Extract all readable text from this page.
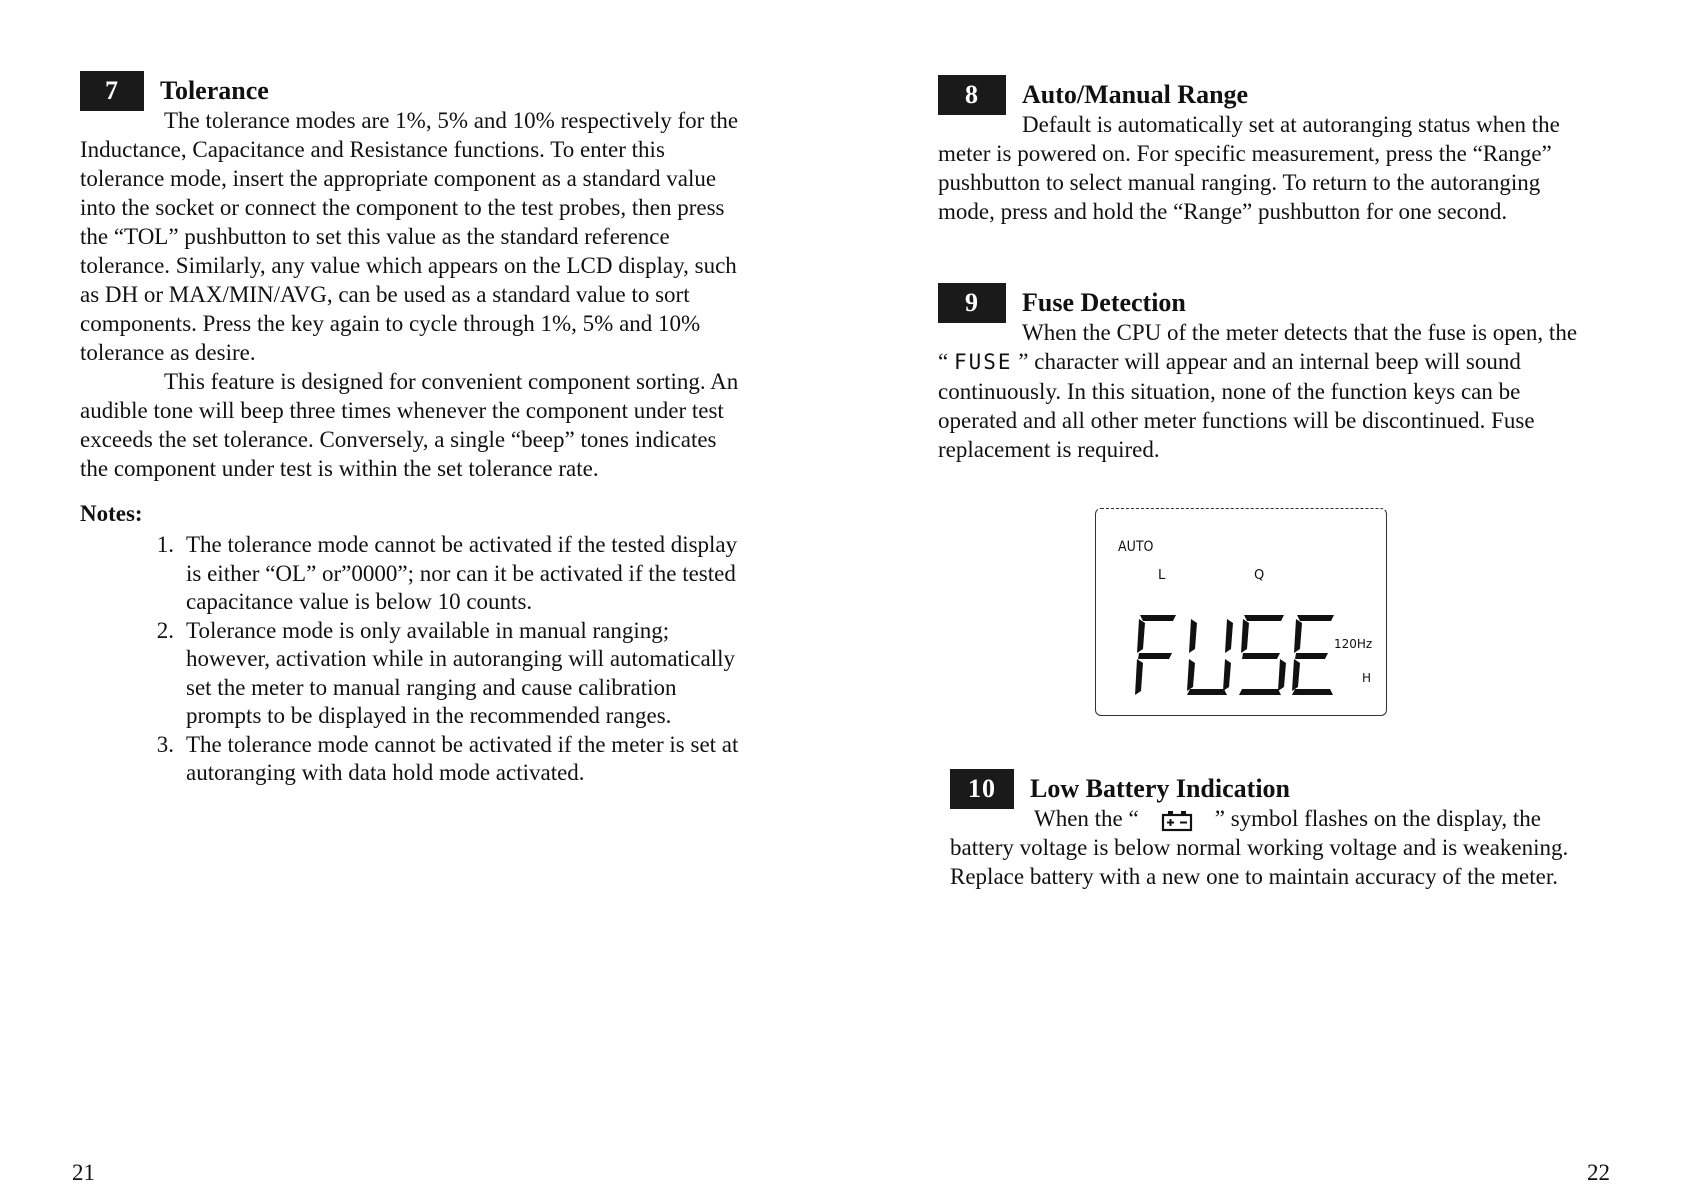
7	Tolerance

The tolerance modes are 1%, 5% and 10% respectively for the Inductance, Capacitance and Resistance functions. To enter this tolerance mode, insert the appropriate component as a standard value into the socket or connect the component to the test probes, then press the “TOL” pushbutton to set this value as the standard reference tolerance. Similarly, any value which appears on the LCD display, such as DH or MAX/MIN/AVG, can be used as a standard value to sort components. Press the key again to cycle through 1%, 5% and 10% tolerance as desire.

This feature is designed for convenient component sorting. An audible tone will beep three times whenever the component under test exceeds the set tolerance. Conversely, a single “beep” tones indicates the component under test is within the set tolerance rate.

Notes:
1. The tolerance mode cannot be activated if the tested display is either “OL” or”0000”; nor can it be activated if the tested capacitance value is below 10 counts.
2. Tolerance mode is only available in manual ranging; however, activation while in autoranging will automatically set the meter to manual ranging and cause calibration prompts to be displayed in the recommended ranges.
3. The tolerance mode cannot be activated if the meter is set at autoranging with data hold mode activated.
21
8	Auto/Manual Range

Default is automatically set at autoranging status when the meter is powered on. For specific measurement, press the “Range” pushbutton to select manual ranging. To return to the autoranging mode, press and hold the “Range” pushbutton for one second.

9	Fuse Detection

When the CPU of the meter detects that the fuse is open, the “ FUSE ” character will appear and an internal beep will sound continuously. In this situation, none of the function keys can be operated and all other meter functions will be discontinued. Fuse replacement is required.

10	Low Battery Indication

When the “	” symbol flashes on the display, the battery voltage is below normal working voltage and is weakening. Replace battery with a new one to maintain accuracy of the meter.

22
AUTO
L	Q
120Hz
H
